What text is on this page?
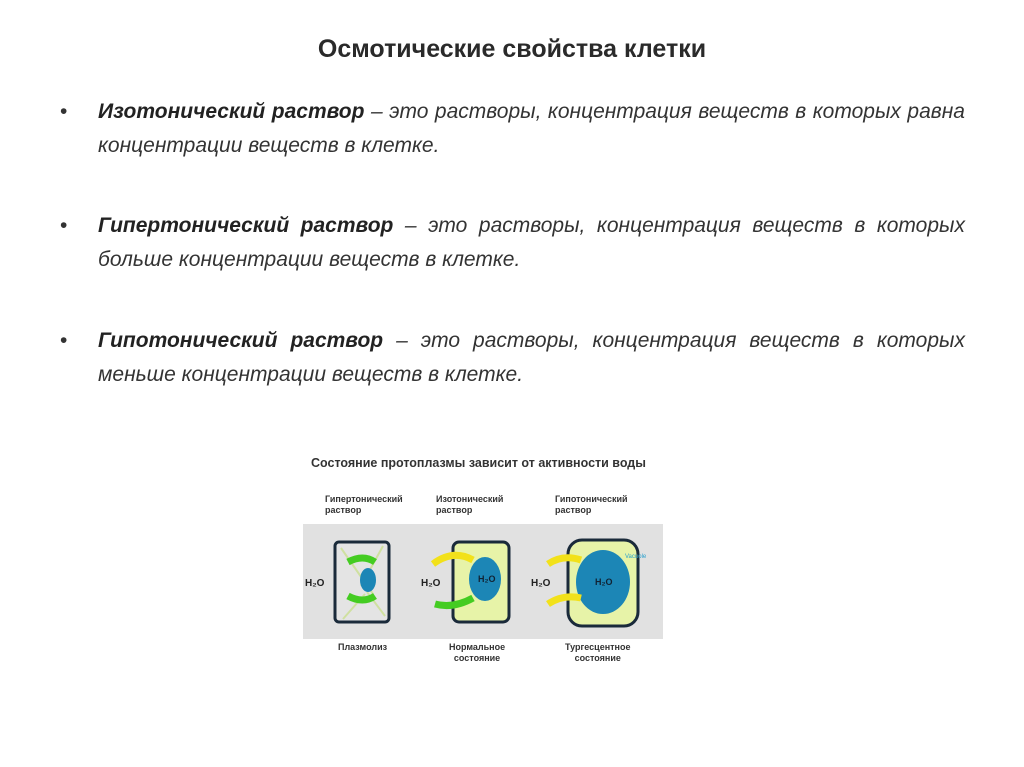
Осмотические свойства клетки
• Изотонический раствор – это растворы, концентрация веществ в которых равна концентрации веществ в клетке.
• Гипертонический раствор – это растворы, концентрация веществ в которых больше концентрации веществ в клетке.
• Гипотонический раствор – это растворы, концентрация веществ в которых меньше концентрации веществ в клетке.
Состояние протоплазмы зависит от активности воды
Гипертонический
раствор
Изотонический
раствор
Гипотонический
раствор
H₂O	H₂O
H₂O	H₂O
Vacuole
H₂O
Плазмолиз	Нормальное
состояние
Тургесцентное
состояние
